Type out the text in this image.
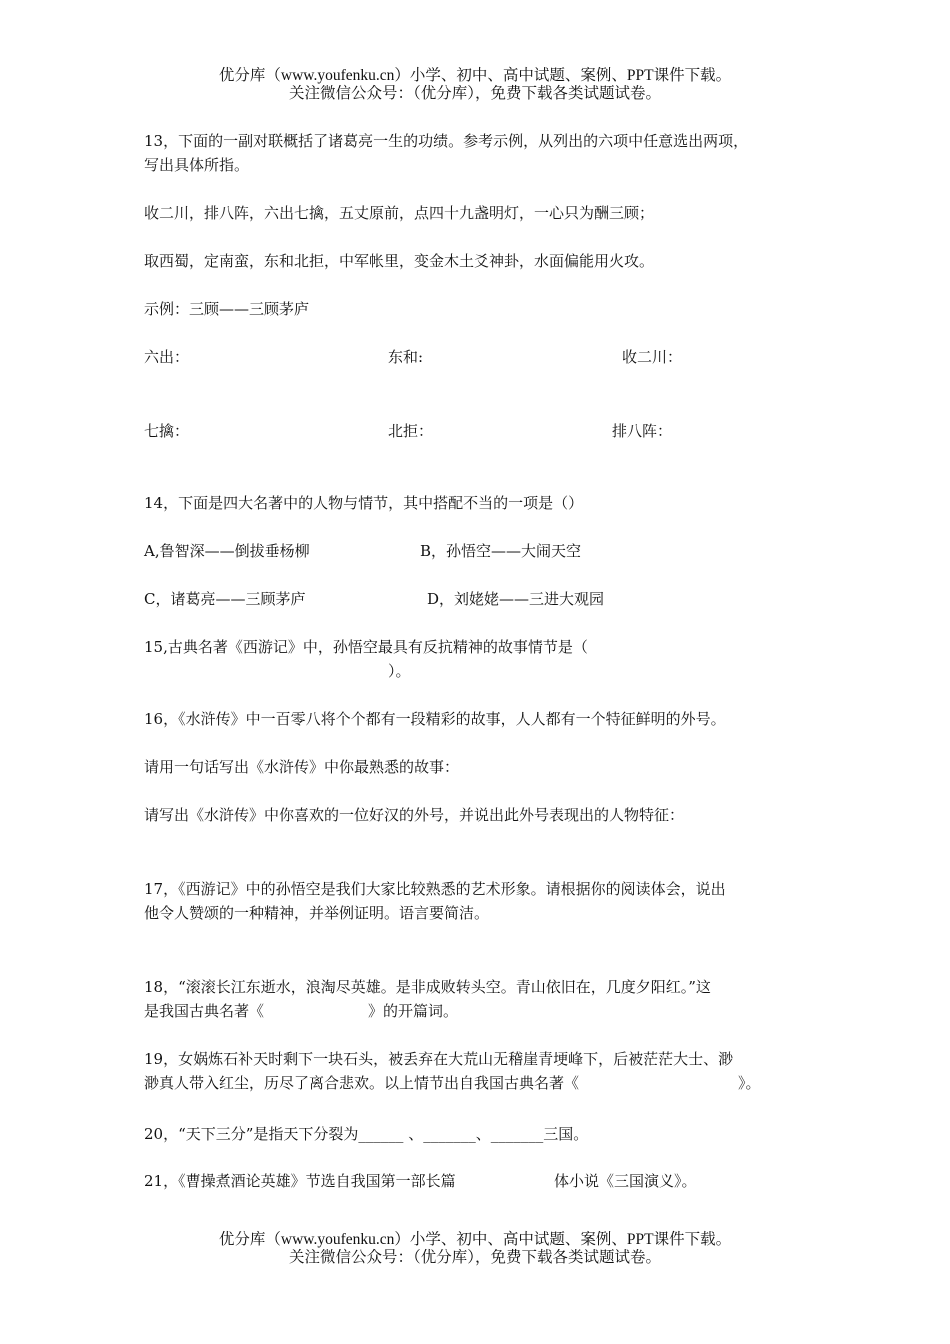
优分库（www.youfenku.cn）小学、初中、高中试题、案例、PPT课件下载。
关注微信公众号：（优分库），免费下载各类试题试卷。
13，下面的一副对联概括了诸葛亮一生的功绩。参考示例，从列出的六项中任意选出两项，
写出具体所指。
收二川，排八阵，六出七擒，五丈原前，点四十九盏明灯，一心只为酬三顾；
取西蜀，定南蛮，东和北拒，中军帐里，变金木土爻神卦，水面偏能用火攻。
示例：三顾——三顾茅庐
六出：	东和:	收二川：
七擒：	北拒：	排八阵：
14，下面是四大名著中的人物与情节，其中搭配不当的一项是（）
A,鲁智深——倒拔垂杨柳	B，孙悟空——大闹天空
C，诸葛亮——三顾茅庐	D，刘姥姥——三进大观园
15,古典名著《西游记》中，孙悟空最具有反抗精神的故事情节是（
）。
16，《水浒传》中一百零八将个个都有一段精彩的故事，人人都有一个特征鲜明的外号。
请用一句话写出《水浒传》中你最熟悉的故事：
请写出《水浒传》中你喜欢的一位好汉的外号，并说出此外号表现出的人物特征：
17，《西游记》中的孙悟空是我们大家比较熟悉的艺术形象。请根据你的阅读体会，说出
他令人赞颂的一种精神，并举例证明。语言要简洁。
18，“滚滚长江东逝水，浪淘尽英雄。是非成败转头空。青山依旧在，几度夕阳红。”这
是我国古典名著《	》的开篇词。
19，女娲炼石补天时剩下一块石头，被丢弃在大荒山无稽崖青埂峰下，后被茫茫大士、渺
渺真人带入红尘，历尽了离合悲欢。以上情节出自我国古典名著《	》。
20，“天下三分”是指天下分裂为______ 、_______、_______三国。
21，《曹操煮酒论英雄》节选自我国第一部长篇	体小说《三国演义》。
优分库（www.youfenku.cn）小学、初中、高中试题、案例、PPT课件下载。
关注微信公众号：（优分库），免费下载各类试题试卷。
